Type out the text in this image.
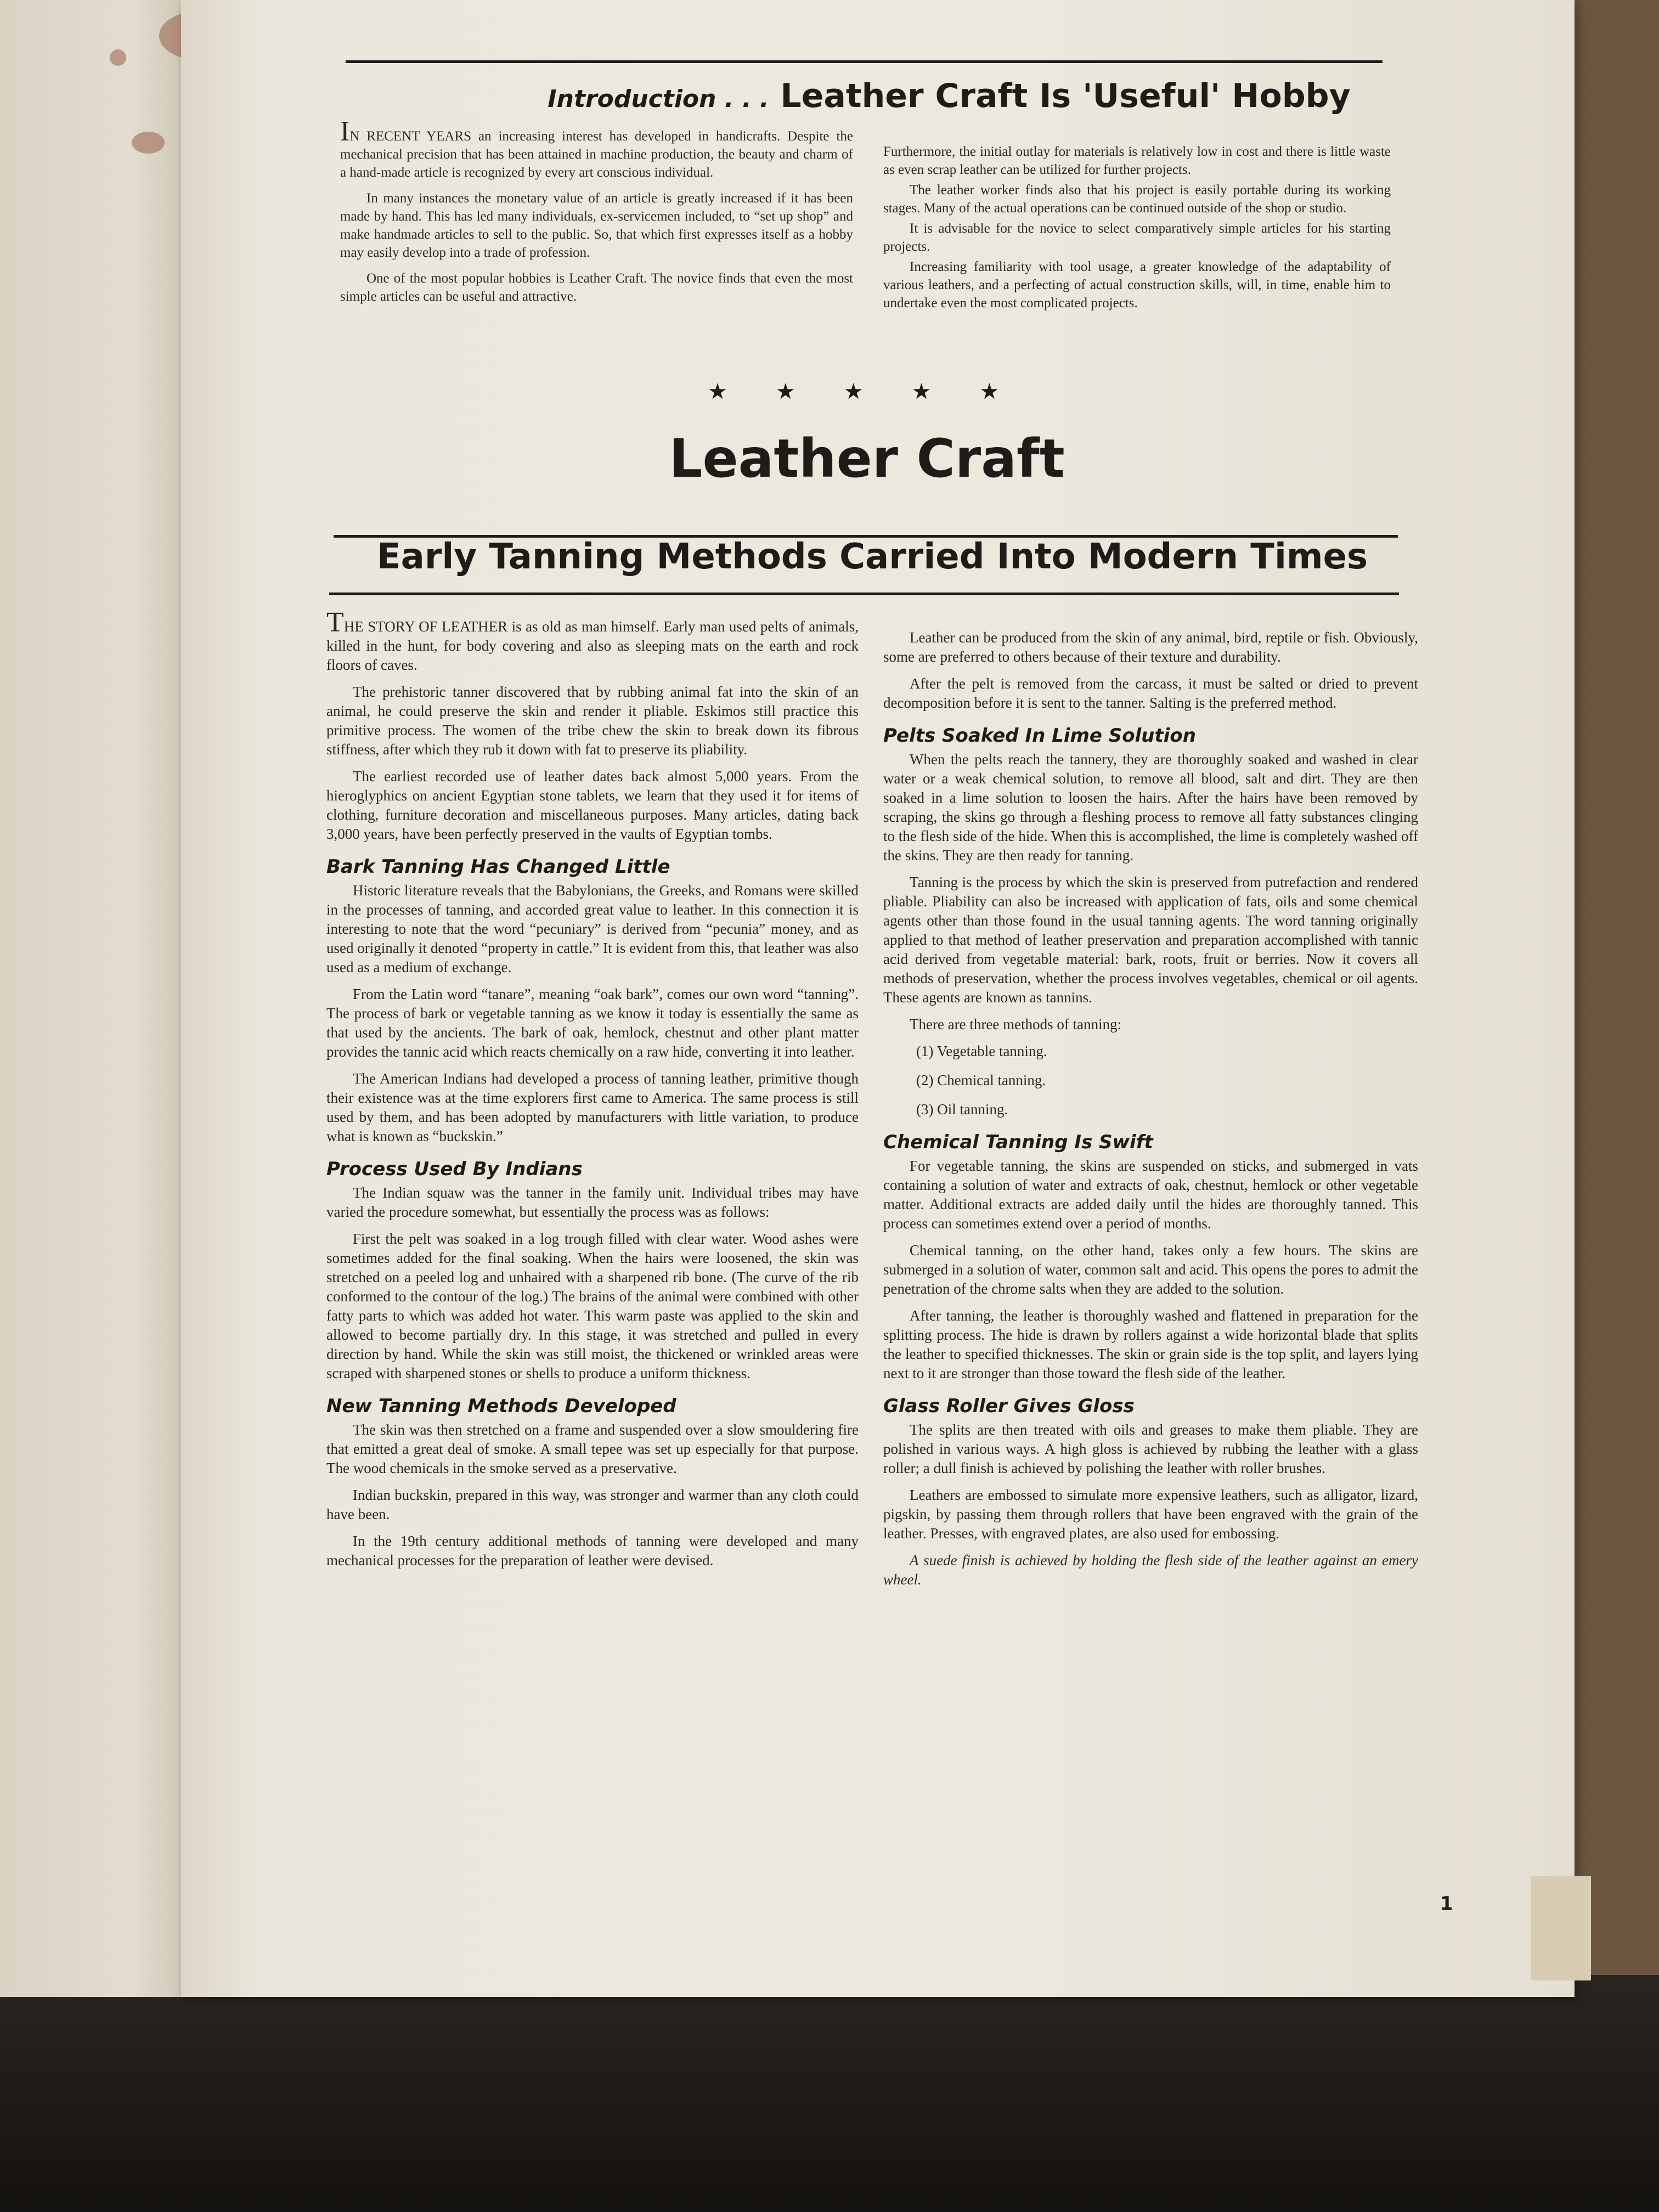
Introduction . . . Leather Craft Is 'Useful' Hobby

IN RECENT YEARS an increasing interest has developed in handicrafts. Despite the mechanical precision that has been attained in machine production, the beauty and charm of a hand-made article is recognized by every art conscious individual.

In many instances the monetary value of an article is greatly increased if it has been made by hand. This has led many individuals, ex-servicemen included, to “set up shop” and make handmade articles to sell to the public. So, that which first expresses itself as a hobby may easily develop into a trade of profession.

One of the most popular hobbies is Leather Craft. The novice finds that even the most simple articles can be useful and attractive.

Furthermore, the initial outlay for materials is relatively low in cost and there is little waste as even scrap leather can be utilized for further projects.

The leather worker finds also that his project is easily portable during its working stages. Many of the actual operations can be continued outside of the shop or studio.

It is advisable for the novice to select comparatively simple articles for his starting projects.

Increasing familiarity with tool usage, a greater knowledge of the adaptability of various leathers, and a perfecting of actual construction skills, will, in time, enable him to undertake even the most complicated projects.

★★★★★
Leather Craft
Early Tanning Methods Carried Into Modern Times

THE STORY OF LEATHER is as old as man himself. Early man used pelts of animals, killed in the hunt, for body covering and also as sleeping mats on the earth and rock floors of caves.

The prehistoric tanner discovered that by rubbing animal fat into the skin of an animal, he could preserve the skin and render it pliable. Eskimos still practice this primitive process. The women of the tribe chew the skin to break down its fibrous stiffness, after which they rub it down with fat to preserve its pliability.

The earliest recorded use of leather dates back almost 5,000 years. From the hieroglyphics on ancient Egyptian stone tablets, we learn that they used it for items of clothing, furniture decoration and miscellaneous purposes. Many articles, dating back 3,000 years, have been perfectly preserved in the vaults of Egyptian tombs.

Bark Tanning Has Changed Little

Historic literature reveals that the Babylonians, the Greeks, and Romans were skilled in the processes of tanning, and accorded great value to leather. In this connection it is interesting to note that the word “pecuniary” is derived from “pecunia” money, and as used originally it denoted “property in cattle.” It is evident from this, that leather was also used as a medium of exchange.

From the Latin word “tanare”, meaning “oak bark”, comes our own word “tanning”. The process of bark or vegetable tanning as we know it today is essentially the same as that used by the ancients. The bark of oak, hemlock, chestnut and other plant matter provides the tannic acid which reacts chemically on a raw hide, converting it into leather.

The American Indians had developed a process of tanning leather, primitive though their existence was at the time explorers first came to America. The same process is still used by them, and has been adopted by manufacturers with little variation, to produce what is known as “buckskin.”

Process Used By Indians

The Indian squaw was the tanner in the family unit. Individual tribes may have varied the procedure somewhat, but essentially the process was as follows:

First the pelt was soaked in a log trough filled with clear water. Wood ashes were sometimes added for the final soaking. When the hairs were loosened, the skin was stretched on a peeled log and unhaired with a sharpened rib bone. (The curve of the rib conformed to the contour of the log.) The brains of the animal were combined with other fatty parts to which was added hot water. This warm paste was applied to the skin and allowed to become partially dry. In this stage, it was stretched and pulled in every direction by hand. While the skin was still moist, the thickened or wrinkled areas were scraped with sharpened stones or shells to produce a uniform thickness.

New Tanning Methods Developed

The skin was then stretched on a frame and suspended over a slow smouldering fire that emitted a great deal of smoke. A small tepee was set up especially for that purpose. The wood chemicals in the smoke served as a preservative.

Indian buckskin, prepared in this way, was stronger and warmer than any cloth could have been.

In the 19th century additional methods of tanning were developed and many mechanical processes for the preparation of leather were devised.

Leather can be produced from the skin of any animal, bird, reptile or fish. Obviously, some are preferred to others because of their texture and durability.

After the pelt is removed from the carcass, it must be salted or dried to prevent decomposition before it is sent to the tanner. Salting is the preferred method.

Pelts Soaked In Lime Solution

When the pelts reach the tannery, they are thoroughly soaked and washed in clear water or a weak chemical solution, to remove all blood, salt and dirt. They are then soaked in a lime solution to loosen the hairs. After the hairs have been removed by scraping, the skins go through a fleshing process to remove all fatty substances clinging to the flesh side of the hide. When this is accomplished, the lime is completely washed off the skins. They are then ready for tanning.

Tanning is the process by which the skin is preserved from putrefaction and rendered pliable. Pliability can also be increased with application of fats, oils and some chemical agents other than those found in the usual tanning agents. The word tanning originally applied to that method of leather preservation and preparation accomplished with tannic acid derived from vegetable material: bark, roots, fruit or berries. Now it covers all methods of preservation, whether the process involves vegetables, chemical or oil agents. These agents are known as tannins.

There are three methods of tanning:

(1) Vegetable tanning.

(2) Chemical tanning.

(3) Oil tanning.

Chemical Tanning Is Swift

For vegetable tanning, the skins are suspended on sticks, and submerged in vats containing a solution of water and extracts of oak, chestnut, hemlock or other vegetable matter. Additional extracts are added daily until the hides are thoroughly tanned. This process can sometimes extend over a period of months.

Chemical tanning, on the other hand, takes only a few hours. The skins are submerged in a solution of water, common salt and acid. This opens the pores to admit the penetration of the chrome salts when they are added to the solution.

After tanning, the leather is thoroughly washed and flattened in preparation for the splitting process. The hide is drawn by rollers against a wide horizontal blade that splits the leather to specified thicknesses. The skin or grain side is the top split, and layers lying next to it are stronger than those toward the flesh side of the leather.

Glass Roller Gives Gloss

The splits are then treated with oils and greases to make them pliable. They are polished in various ways. A high gloss is achieved by rubbing the leather with a glass roller; a dull finish is achieved by polishing the leather with roller brushes.

Leathers are embossed to simulate more expensive leathers, such as alligator, lizard, pigskin, by passing them through rollers that have been engraved with the grain of the leather. Presses, with engraved plates, are also used for embossing.

A suede finish is achieved by holding the flesh side of the leather against an emery wheel.

1
